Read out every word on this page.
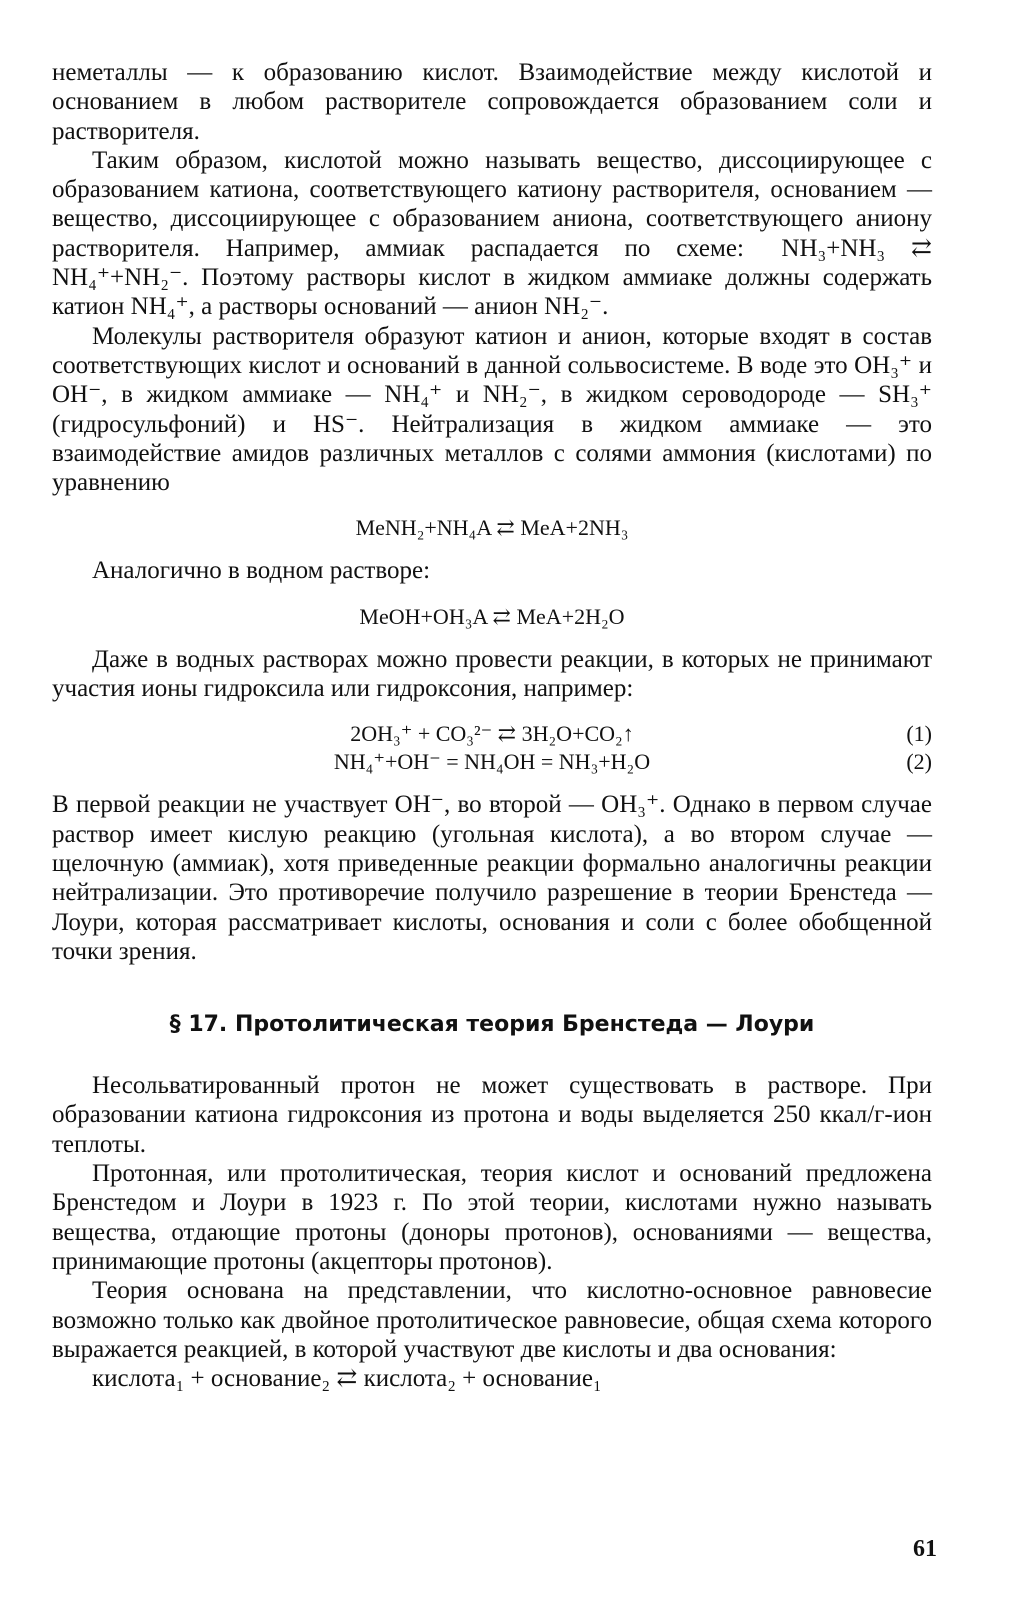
неметаллы — к образованию кислот. Взаимодействие между кислотой и основанием в любом растворителе сопровождается образованием соли и растворителя.

Таким образом, кислотой можно называть вещество, диссоциирующее с образованием катиона, соответствующего катиону растворителя, основанием — вещество, диссоциирующее с образованием аниона, соответствующего аниону растворителя. Например, аммиак распадается по схеме: NH₃+NH₃ ⇄ NH₄⁺+NH₂⁻. Поэтому растворы кислот в жидком аммиаке должны содержать катион NH₄⁺, а растворы оснований — анион NH₂⁻.

Молекулы растворителя образуют катион и анион, которые входят в состав соответствующих кислот и оснований в данной сольвосистеме. В воде это OH₃⁺ и OH⁻, в жидком аммиаке — NH₄⁺ и NH₂⁻, в жидком сероводороде — SH₃⁺ (гидросульфоний) и HS⁻. Нейтрализация в жидком аммиаке — это взаимодействие амидов различных металлов с солями аммония (кислотами) по уравнению

MeNH₂+NH₄A ⇄ MeA+2NH₃

Аналогично в водном растворе:

MeOH+OH₃A ⇄ MeA+2H₂O

Даже в водных растворах можно провести реакции, в которых не принимают участия ионы гидроксила или гидроксония, например:

2OH₃⁺ + CO₃²⁻ ⇄ 3H₂O+CO₂↑	(1)
NH₄⁺+OH⁻ = NH₄OH = NH₃+H₂O	(2)

В первой реакции не участвует OH⁻, во второй — OH₃⁺. Однако в первом случае раствор имеет кислую реакцию (угольная кислота), а во втором случае — щелочную (аммиак), хотя приведенные реакции формально аналогичны реакции нейтрализации. Это противоречие получило разрешение в теории Бренстеда — Лоури, которая рассматривает кислоты, основания и соли с более обобщенной точки зрения.

§ 17. Протолитическая теория Бренстеда — Лоури

Несольватированный протон не может существовать в растворе. При образовании катиона гидроксония из протона и воды выделяется 250 ккал/г-ион теплоты.

Протонная, или протолитическая, теория кислот и оснований предложена Бренстедом и Лоури в 1923 г. По этой теории, кислотами нужно называть вещества, отдающие протоны (доноры протонов), основаниями — вещества, принимающие протоны (акцепторы протонов).

Теория основана на представлении, что кислотно-основное равновесие возможно только как двойное протолитическое равновесие, общая схема которого выражается реакцией, в которой участвуют две кислоты и два основания:

кислота₁ + основание₂ ⇄ кислота₂ + основание₁

61
